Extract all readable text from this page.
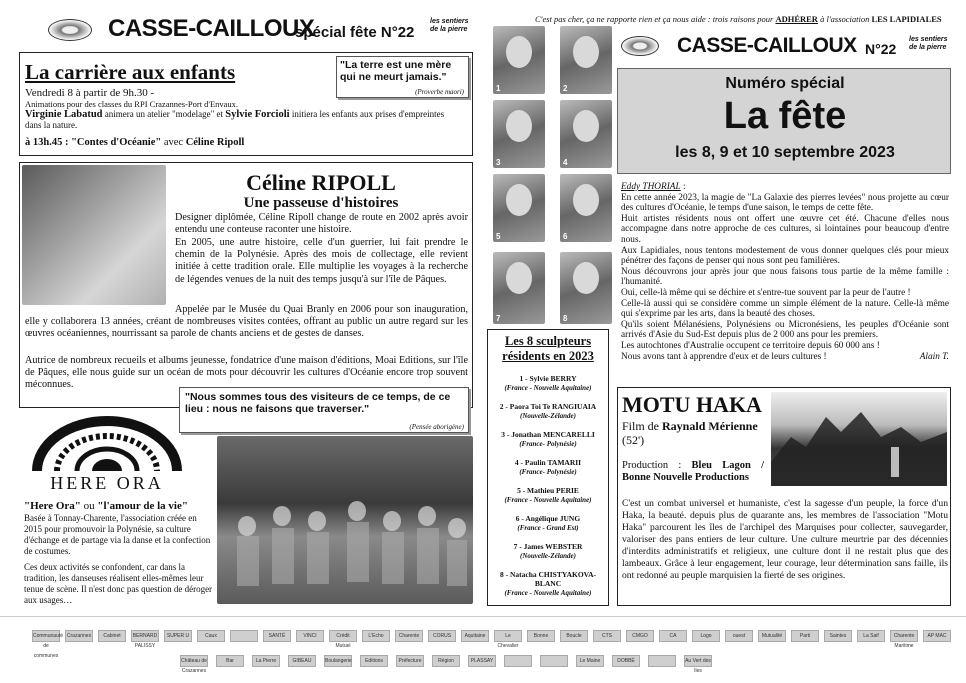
CASSE-CAILLOUX
spécial fête N°22
les sentiers de la pierre
La carrière aux enfants
Vendredi 8 à partir de 9h.30 -
Animations pour des classes du RPI Crazannes-Port d'Envaux.
Virginie Labatud animera un atelier "modelage" et Sylvie Forcioli initiera les enfants aux prises d'empreintes dans la nature.
à 13h.45 : "Contes d'Océanie" avec Céline Ripoll
"La terre est une mère qui ne meurt jamais."
(Proverbe maori)
Céline RIPOLL
Une passeuse d'histoires
Designer diplômée, Céline Ripoll change de route en 2002 après avoir entendu une conteuse raconter une histoire.
En 2005, une autre histoire, celle d'un guerrier, lui fait prendre le chemin de la Polynésie. Après des mois de collectage, elle revient initiée à cette tradition orale. Elle multiplie les voyages à la recherche de légendes venues de la nuit des temps jusqu'à sur l'île de Pâques.
Appelée par le Musée du Quai Branly en 2006 pour son inauguration, elle y collaborera 13 années, créant de nombreuses visites contées, offrant au public un autre regard sur les œuvres océaniennes, nourrissant sa parole de chants anciens et de gestes de danses.
Autrice de nombreux recueils et albums jeunesse, fondatrice d'une maison d'éditions, Moai Editions, sur l'île de Pâques, elle nous guide sur un océan de mots pour découvrir les cultures d'Océanie encore trop souvent méconnues.
"Nous sommes tous des visiteurs de ce temps, de ce lieu : nous ne faisons que traverser."
(Pensée aborigène)
HERE ORA
"Here Ora" ou "l'amour de la vie"
Basée à Tonnay-Charente, l'association créée en 2015 pour promouvoir la Polynésie, sa culture d'échange et de partage via la danse et la confection de costumes.
Ces deux activités se confondent, car dans la tradition, les danseuses réalisent elles-mêmes leur tenue de scène. Il n'est donc pas question de déroger aux usages…
C'est pas cher, ça ne rapporte rien et ça nous aide : trois raisons pour ADHÉRER à l'association LES LAPIDIALES
1	2
3	4
5	6
7	8
CASSE-CAILLOUX N°22
les sentiers de la pierre
Numéro spécial
La fête
les 8, 9 et 10 septembre 2023

Eddy THORIAL :

En cette année 2023, la magie de "La Galaxie des pierres levées" nous projette au cœur des cultures d'Océanie, le temps d'une saison, le temps de cette fête.

Huit artistes résidents nous ont offert une œuvre cet été. Chacune d'elles nous accompagne dans notre approche de ces cultures, si lointaines pour beaucoup d'entre nous.

Aux Lapidiales, nous tentons modestement de vous donner quelques clés pour mieux pénétrer des façons de penser qui nous sont peu familières.

Nous découvrons jour après jour que nous faisons tous partie de la même famille : l'humanité.

Oui, celle-là même qui se déchire et s'entre-tue souvent par la peur de l'autre !

Celle-là aussi qui se considère comme un simple élément de la nature. Celle-là même qui s'exprime par les arts, dans la beauté des choses.

Qu'ils soient Mélanésiens, Polynésiens ou Micronésiens, les peuples d'Océanie sont arrivés d'Asie du Sud-Est depuis plus de 2 000 ans pour les premiers.

Les autochtones d'Australie occupent ce territoire depuis 60 000 ans !

Nous avons tant à apprendre d'eux et de leurs cultures !	Alain T.

Les 8 sculpteurs résidents en 2023
1 - Sylvie BERRY
(France - Nouvelle Aquitaine)
2 - Paora Toi Te RANGIUAIA
(Nouvelle-Zélande)
3 - Jonathan MENCARELLI
(France- Polynésie)
4 - Paulin TAMARII
(France- Polynésie)
5 - Mathieu PERIE
(France - Nouvelle Aquitaine)
6 - Angélique JUNG
(France - Grand Est)
7 - James WEBSTER
(Nouvelle-Zélande)
8 - Natacha CHISTYAKOVA-BLANC
(France - Nouvelle Aquitaine)
MOTU HAKA
Film de Raynald Mérienne (52')
Production : Bleu Lagon / Bonne Nouvelle Productions
C'est un combat universel et humaniste, c'est la sagesse d'un peuple, la force d'un Haka, la beauté. depuis plus de quarante ans, les membres de l'association "Motu Haka" parcourent les îles de l'archipel des Marquises pour collecter, sauvegarder, valoriser des pans entiers de leur culture. Une culture meurtrie par des décennies d'interdits administratifs et religieux, une culture dont il ne restait plus que des lambeaux. Grâce à leur engagement, leur courage, leur détermination sans faille, ils ont redonné au peuple marquisien la fierté de ses origines.
Communauté de communes
Crazannes	Cabinet	BERNARD PALISSY
SUPER U	Caux	SANTÉ	VINCI	Crédit Mutuel
L'Echo	Charente	CORUS	Aquitaine	Le Chevalier
Bonne	Boucle	CTS	CMGO	CA	Logo	ouest	Mutualité	Parti	Saintes	La Saif	Charente Maritime
AP MAC
Château de Crazannes
Bar	La Pierre	GIBEAU	Boulangerie	Editions	Préfecture	Région	PLASSAY	Le Maine	DOBBÉ	Au Vert des Iles
